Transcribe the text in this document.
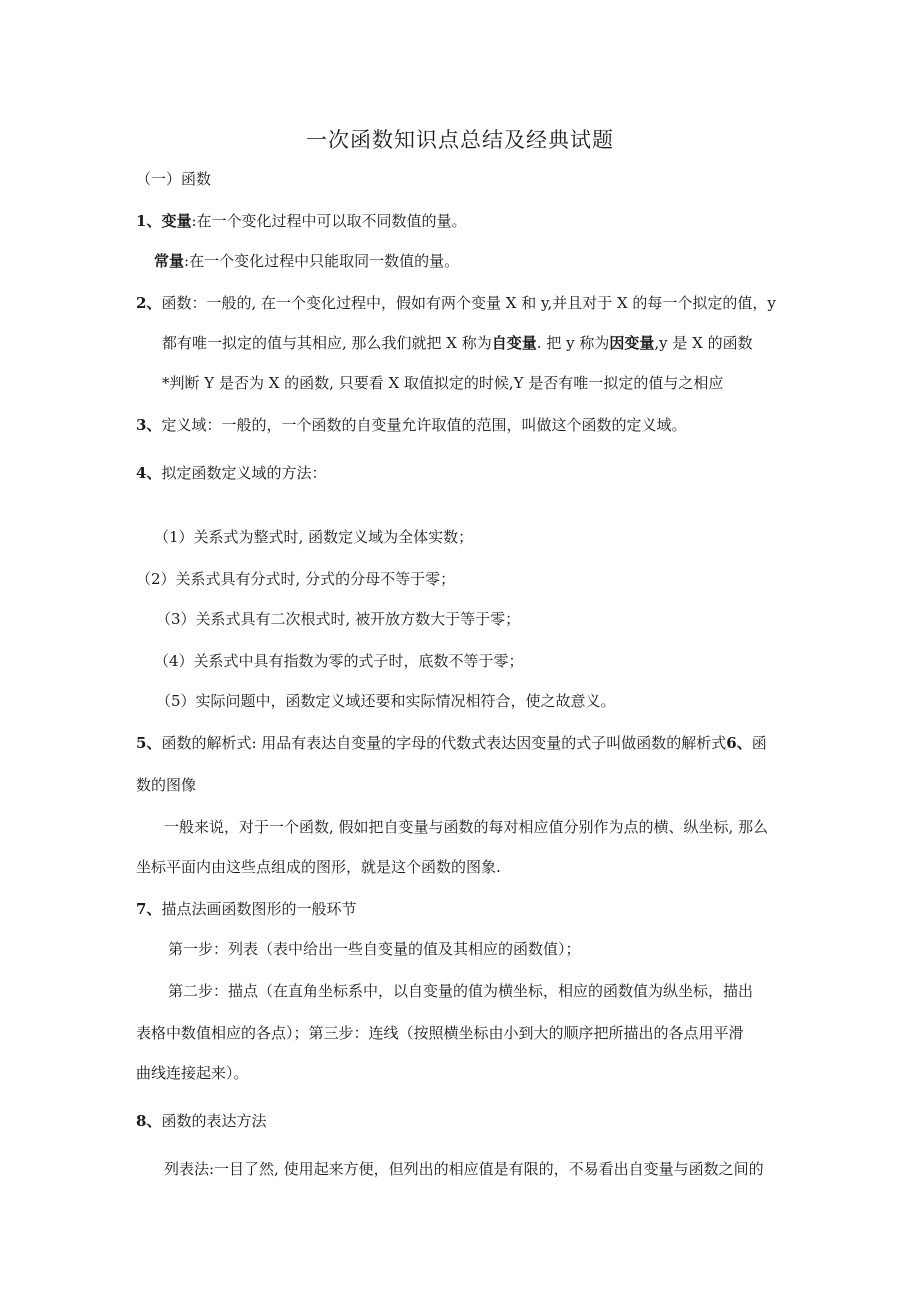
一次函数知识点总结及经典试题
（一）函数
1、变量:在一个变化过程中可以取不同数值的量。
常量:在一个变化过程中只能取同一数值的量。
2、函数：一般的, 在一个变化过程中，假如有两个变量 X 和 y,并且对于 X 的每一个拟定的值，y
都有唯一拟定的值与其相应, 那么我们就把 X 称为自变量. 把 y 称为因变量,y 是 X 的函数
*判断 Y 是否为 X 的函数, 只要看 X 取值拟定的时候,Y 是否有唯一拟定的值与之相应
3、定义域：一般的，一个函数的自变量允许取值的范围，叫做这个函数的定义域。
4、拟定函数定义域的方法：
（1）关系式为整式时, 函数定义域为全体实数；
（2）关系式具有分式时, 分式的分母不等于零；
（3）关系式具有二次根式时, 被开放方数大于等于零；
（4）关系式中具有指数为零的式子时，底数不等于零；
（5）实际问题中，函数定义域还要和实际情况相符合，使之故意义。
5、函数的解析式: 用品有表达自变量的字母的代数式表达因变量的式子叫做函数的解析式6、函
数的图像
一般来说，对于一个函数, 假如把自变量与函数的每对相应值分别作为点的横、纵坐标, 那么
坐标平面内由这些点组成的图形，就是这个函数的图象.
7、描点法画函数图形的一般环节
第一步：列表（表中给出一些自变量的值及其相应的函数值）；
第二步：描点（在直角坐标系中，以自变量的值为横坐标，相应的函数值为纵坐标，描出
表格中数值相应的各点）；第三步：连线（按照横坐标由小到大的顺序把所描出的各点用平滑
曲线连接起来）。
8、函数的表达方法
列表法:一目了然, 使用起来方便，但列出的相应值是有限的，不易看出自变量与函数之间的
